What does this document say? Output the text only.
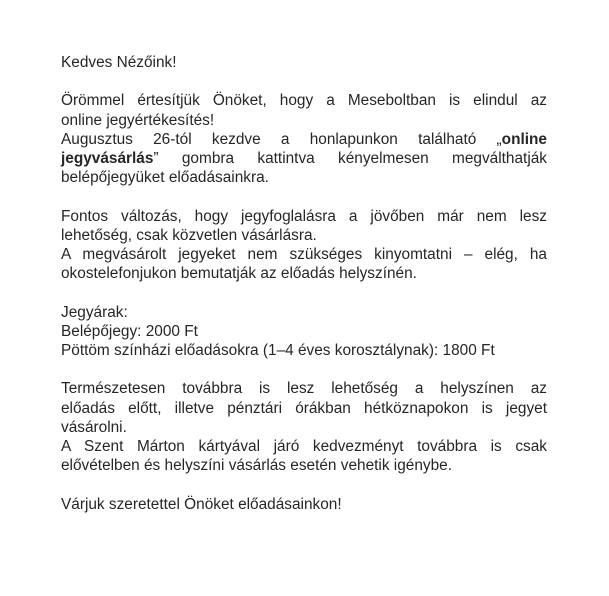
Kedves Nézőink!
Örömmel értesítjük Önöket, hogy a Meseboltban is elindul az
online jegyértékesítés!
Augusztus 26-tól kezdve a honlapunkon található „online
jegyvásárlás” gombra kattintva kényelmesen megválthatják
belépőjegyüket előadásainkra.
Fontos változás, hogy jegyfoglalásra a jövőben már nem lesz
lehetőség, csak közvetlen vásárlásra.
A megvásárolt jegyeket nem szükséges kinyomtatni – elég, ha
okostelefonjukon bemutatják az előadás helyszínén.
Jegyárak:
Belépőjegy: 2000 Ft
Pöttöm színházi előadásokra (1–4 éves korosztálynak): 1800 Ft
Természetesen továbbra is lesz lehetőség a helyszínen az
előadás előtt, illetve pénztári órákban hétköznapokon is jegyet
vásárolni.
A Szent Márton kártyával járó kedvezményt továbbra is csak
elővételben és helyszíni vásárlás esetén vehetik igénybe.
Várjuk szeretettel Önöket előadásainkon!
